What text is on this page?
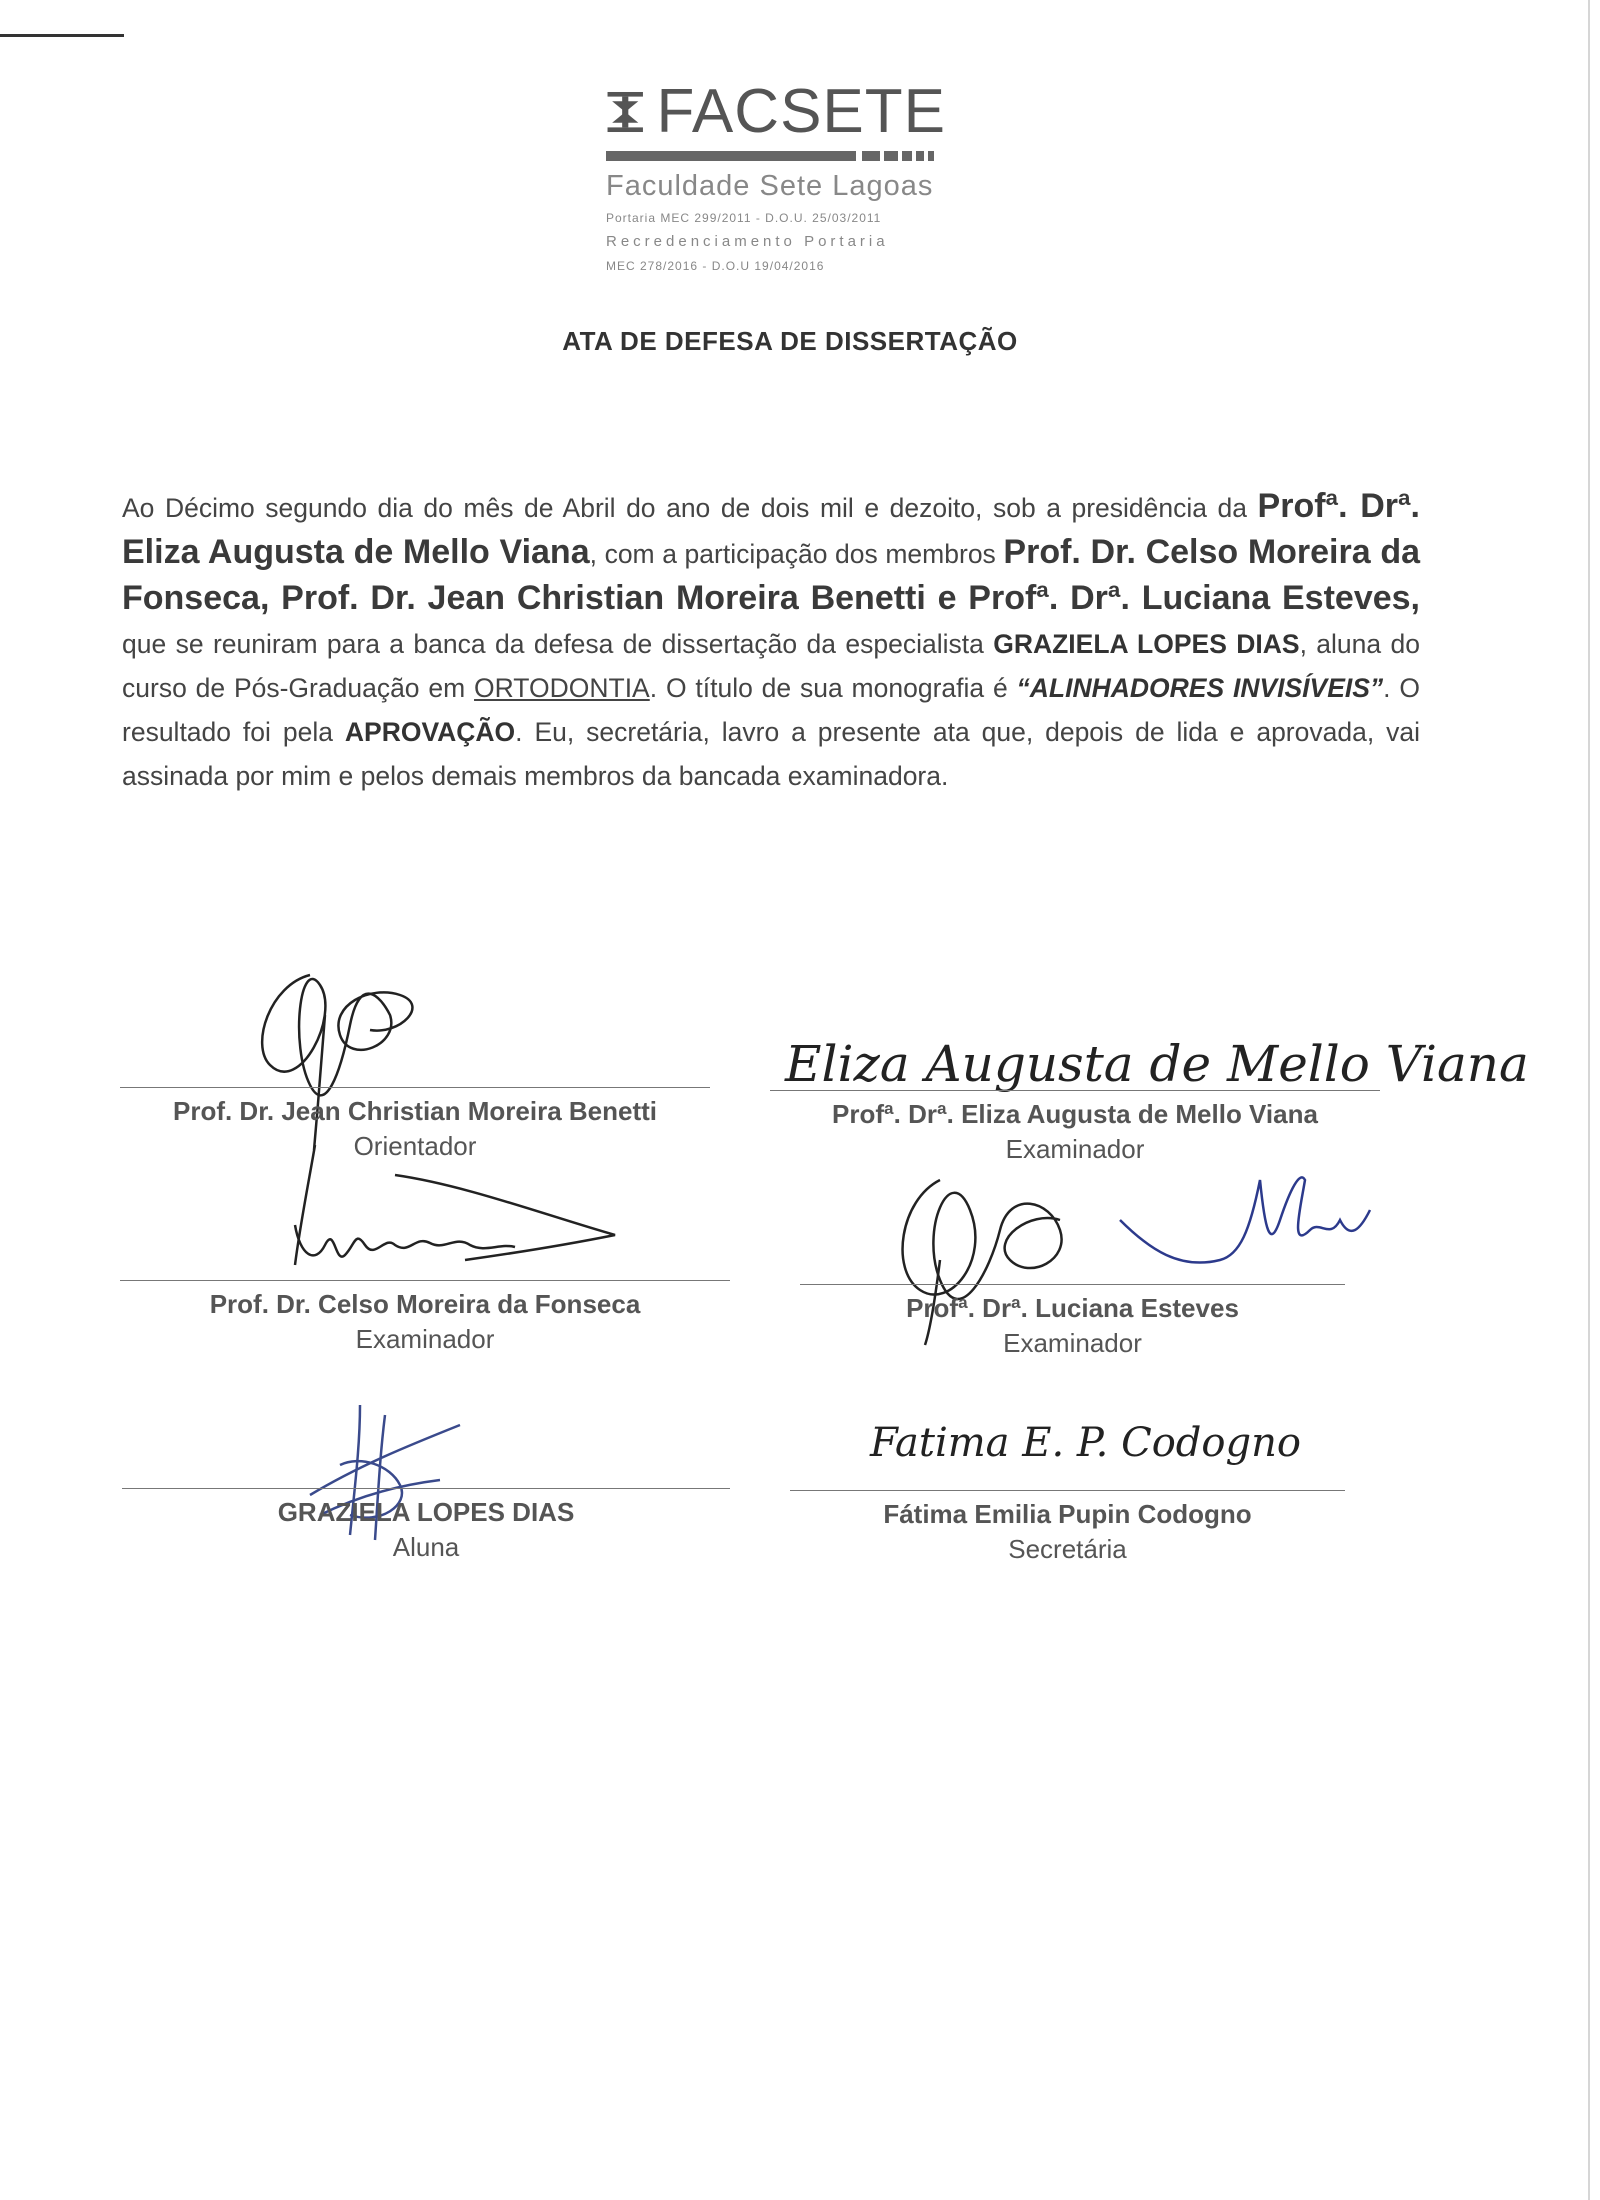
FACSETE
Faculdade Sete Lagoas
Portaria MEC 299/2011 - D.O.U. 25/03/2011
Recredenciamento Portaria
MEC 278/2016 - D.O.U 19/04/2016
ATA DE DEFESA DE DISSERTAÇÃO
Ao Décimo segundo dia do mês de Abril do ano de dois mil e dezoito, sob a presidência da Profª. Drª. Eliza Augusta de Mello Viana, com a participação dos membros Prof. Dr. Celso Moreira da Fonseca, Prof. Dr. Jean Christian Moreira Benetti e Profª. Drª. Luciana Esteves, que se reuniram para a banca da defesa de dissertação da especialista GRAZIELA LOPES DIAS, aluna do curso de Pós-Graduação em ORTODONTIA. O título de sua monografia é “ALINHADORES INVISÍVEIS”. O resultado foi pela APROVAÇÃO. Eu, secretária, lavro a presente ata que, depois de lida e aprovada, vai assinada por mim e pelos demais membros da bancada examinadora.
Eliza Augusta de Mello Viana
Fatima E. P. Codogno
Prof. Dr. Jean Christian Moreira Benetti
Orientador
Profª. Drª. Eliza Augusta de Mello Viana
Examinador
Prof. Dr. Celso Moreira da Fonseca
Examinador
Profª. Drª. Luciana Esteves
Examinador
GRAZIELA LOPES DIAS
Aluna
Fátima Emilia Pupin Codogno
Secretária
